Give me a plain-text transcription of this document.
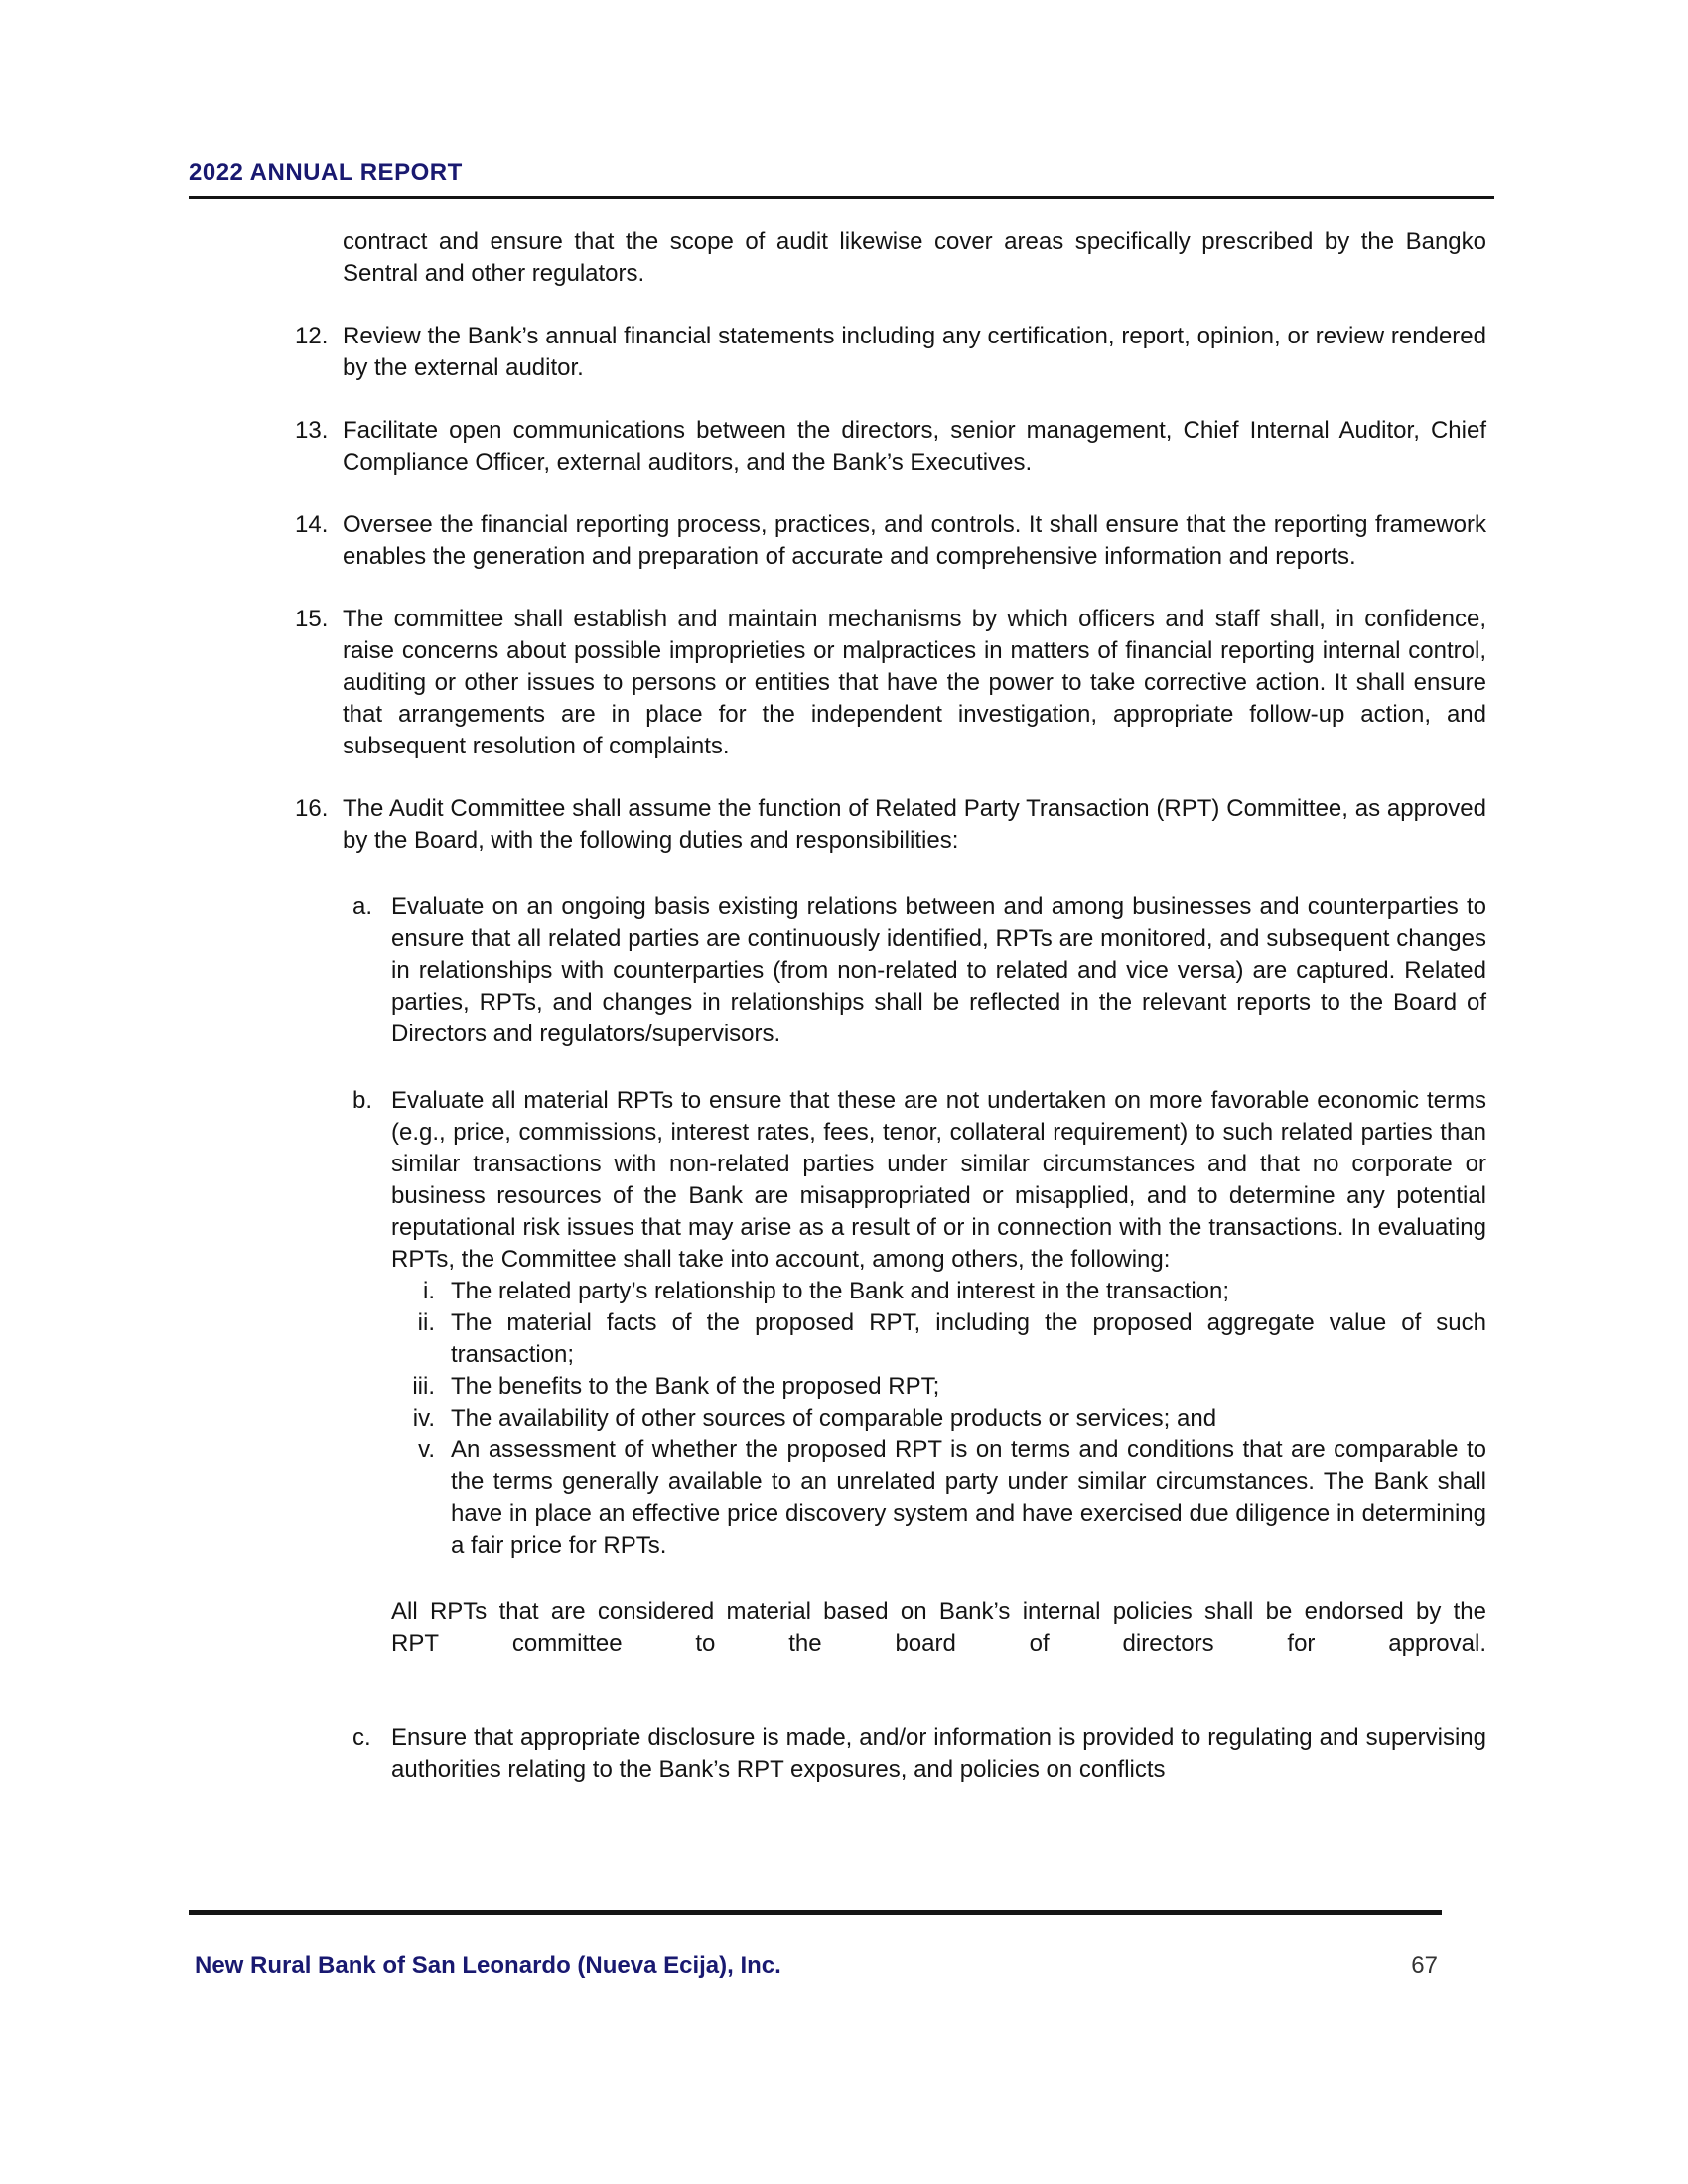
2022 ANNUAL REPORT

contract and ensure that the scope of audit likewise cover areas specifically prescribed by the Bangko Sentral and other regulators.

12. Review the Bank’s annual financial statements including any certification, report, opinion, or review rendered by the external auditor.
13. Facilitate open communications between the directors, senior management, Chief Internal Auditor, Chief Compliance Officer, external auditors, and the Bank’s Executives.
14. Oversee the financial reporting process, practices, and controls. It shall ensure that the reporting framework enables the generation and preparation of accurate and comprehensive information and reports.
15. The committee shall establish and maintain mechanisms by which officers and staff shall, in confidence, raise concerns about possible improprieties or malpractices in matters of financial reporting internal control, auditing or other issues to persons or entities that have the power to take corrective action. It shall ensure that arrangements are in place for the independent investigation, appropriate follow-up action, and subsequent resolution of complaints.
16. The Audit Committee shall assume the function of Related Party Transaction (RPT) Committee, as approved by the Board, with the following duties and responsibilities:
a. Evaluate on an ongoing basis existing relations between and among businesses and counterparties to ensure that all related parties are continuously identified, RPTs are monitored, and subsequent changes in relationships with counterparties (from non-related to related and vice versa) are captured. Related parties, RPTs, and changes in relationships shall be reflected in the relevant reports to the Board of Directors and regulators/supervisors.
b. Evaluate all material RPTs to ensure that these are not undertaken on more favorable economic terms (e.g., price, commissions, interest rates, fees, tenor, collateral requirement) to such related parties than similar transactions with non-related parties under similar circumstances and that no corporate or business resources of the Bank are misappropriated or misapplied, and to determine any potential reputational risk issues that may arise as a result of or in connection with the transactions. In evaluating RPTs, the Committee shall take into account, among others, the following:
i. The related party’s relationship to the Bank and interest in the transaction;
ii. The material facts of the proposed RPT, including the proposed aggregate value of such transaction;
iii. The benefits to the Bank of the proposed RPT;
iv. The availability of other sources of comparable products or services; and
v. An assessment of whether the proposed RPT is on terms and conditions that are comparable to the terms generally available to an unrelated party under similar circumstances. The Bank shall have in place an effective price discovery system and have exercised due diligence in determining a fair price for RPTs.
All RPTs that are considered material based on Bank’s internal policies shall be endorsed by the RPT committee to the board of directors for approval.
c. Ensure that appropriate disclosure is made, and/or information is provided to regulating and supervising authorities relating to the Bank’s RPT exposures, and policies on conflicts
New Rural Bank of San Leonardo (Nueva Ecija), Inc.	67
